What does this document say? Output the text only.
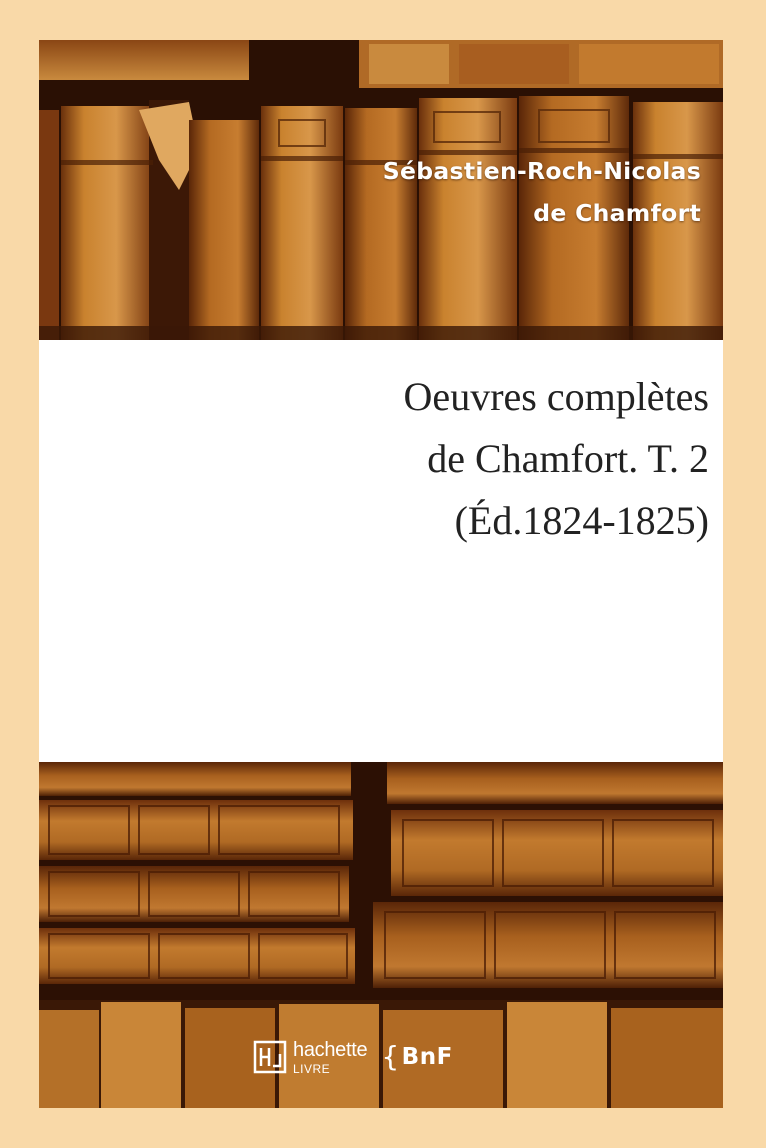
Sébastien-Roch-Nicolas
de Chamfort
Oeuvres complètes
de Chamfort. T. 2
(Éd.1824-1825)
hachette
LIVRE	{ BnF
